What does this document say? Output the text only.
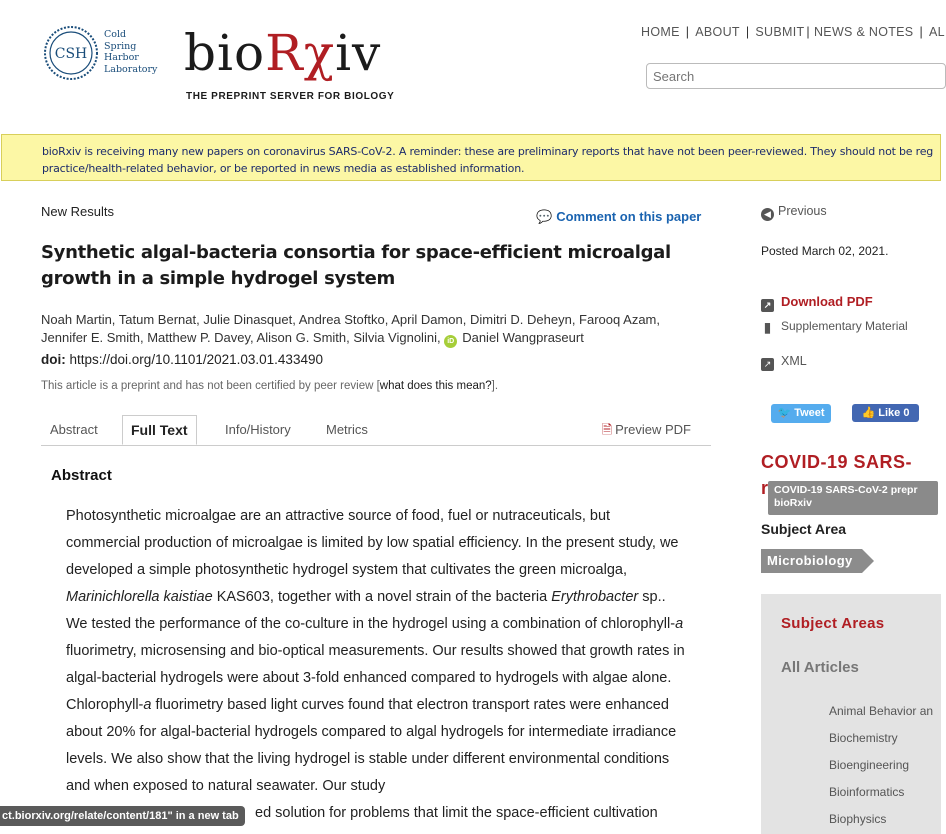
CSH
Cold
Spring
Harbor
Laboratory bioRχiv
THE PREPRINT SERVER FOR BIOLOGY
HOME | ABOUT | SUBMIT | NEWS & NOTES | AL
Search
bioRxiv is receiving many new papers on coronavirus SARS-CoV-2. A reminder: these are preliminary reports that have not been peer-reviewed. They should not be reg
practice/health-related behavior, or be reported in news media as established information.
New Results	💬 Comment on this paper
Synthetic algal-bacteria consortia for space-efficient microalgal growth in a simple hydrogel system
Noah Martin, Tatum Bernat, Julie Dinasquet, Andrea Stoftko, April Damon, Dimitri D. Deheyn, Farooq Azam,
Jennifer E. Smith, Matthew P. Davey, Alison G. Smith, Silvia Vignolini, iD Daniel Wangpraseurt
doi: https://doi.org/10.1101/2021.03.01.433490
This article is a preprint and has not been certified by peer review [what does this mean?].
Abstract	Full Text	Info/History	Metrics	🗎 Preview PDF
Abstract
Photosynthetic microalgae are an attractive source of food, fuel or nutraceuticals, but commercial production of microalgae is limited by low spatial efficiency. In the present study, we developed a simple photosynthetic hydrogel system that cultivates the green microalga, Marinichlorella kaistiae KAS603, together with a novel strain of the bacteria Erythrobacter sp.. We tested the performance of the co-culture in the hydrogel using a combination of chlorophyll-a fluorimetry, microsensing and bio-optical measurements. Our results showed that growth rates in algal-bacterial hydrogels were about 3-fold enhanced compared to hydrogels with algae alone. Chlorophyll-a fluorimetry based light curves found that electron transport rates were enhanced about 20% for algal-bacterial hydrogels compared to algal hydrogels for intermediate irradiance levels. We also show that the living hydrogel is stable under different environmental conditions and when exposed to natural seawater. Our study
ed solution for problems that limit the space-efficient cultivation
ct.biorxiv.org/relate/content/181" in a new tab
◀ Previous
Posted March 02, 2021.
↗ Download PDF
▮ Supplementary Material
↗ XML
🐦 Tweet	👍 Like 0
COVID-19 SARS-
r COVID-19 SARS-CoV-2 prepr
bioRxiv
Subject Area
Microbiology
Subject Areas
All Articles
Animal Behavior an
Biochemistry
Bioengineering
Bioinformatics
Biophysics
